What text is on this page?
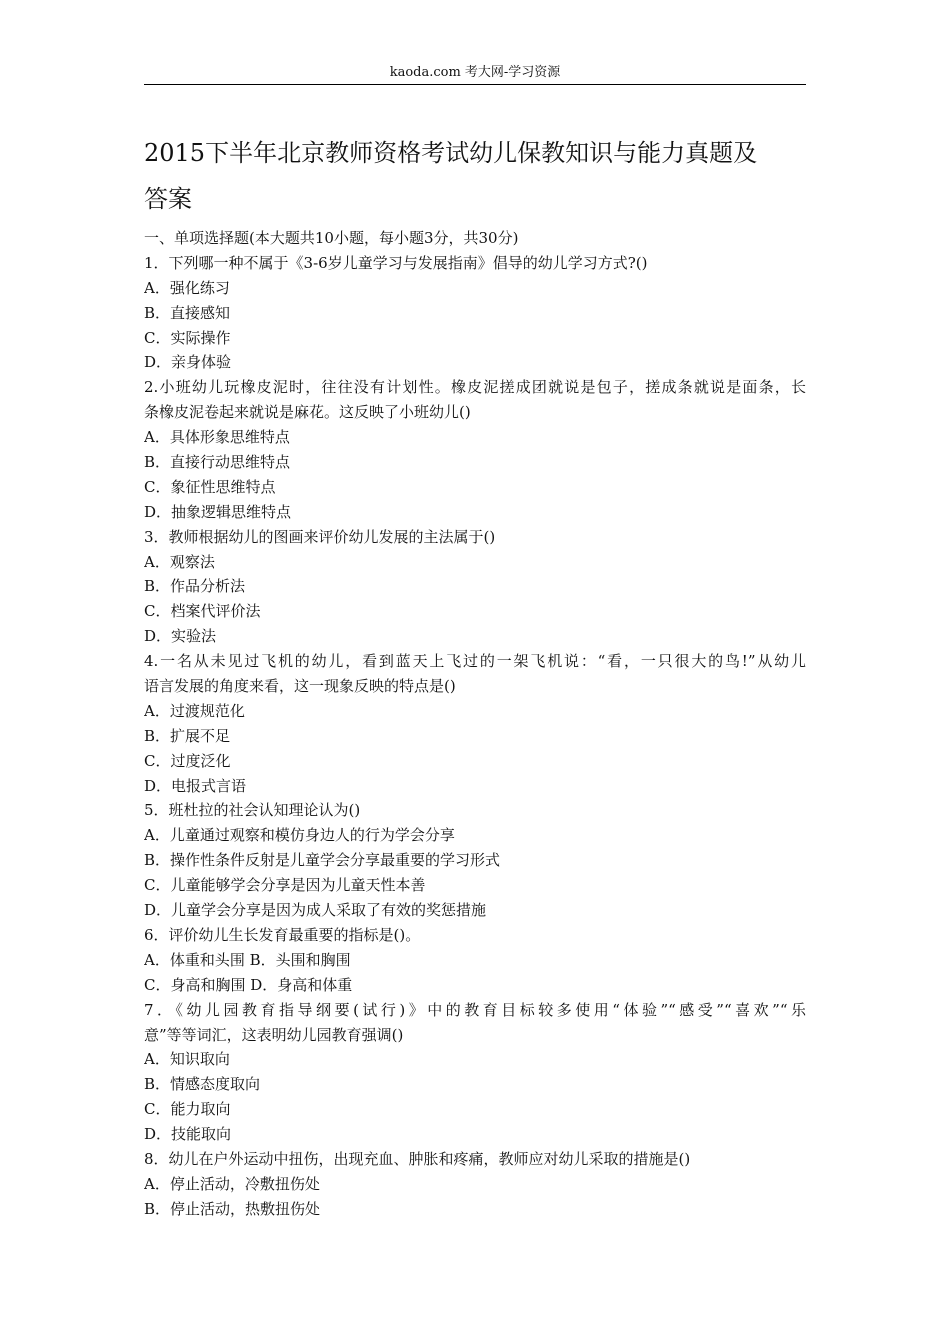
kaoda.com 考大网-学习资源
2015下半年北京教师资格考试幼儿保教知识与能力真题及
答案
一、单项选择题(本大题共10小题，每小题3分，共30分)
1．下列哪一种不属于《3-6岁儿童学习与发展指南》倡导的幼儿学习方式?()
A．强化练习
B．直接感知
C．实际操作
D．亲身体验
2.小班幼儿玩橡皮泥时，往往没有计划性。橡皮泥搓成团就说是包子，搓成条就说是面条，长
条橡皮泥卷起来就说是麻花。这反映了小班幼儿()
A．具体形象思维特点
B．直接行动思维特点
C．象征性思维特点
D．抽象逻辑思维特点
3．教师根据幼儿的图画来评价幼儿发展的主法属于()
A．观察法
B．作品分析法
C．档案代评价法
D．实验法
4.一名从未见过飞机的幼儿，看到蓝天上飞过的一架飞机说：“看，一只很大的鸟!”从幼儿
语言发展的角度来看，这一现象反映的特点是()
A．过渡规范化
B．扩展不足
C．过度泛化
D．电报式言语
5．班杜拉的社会认知理论认为()
A．儿童通过观察和模仿身边人的行为学会分享
B．操作性条件反射是儿童学会分享最重要的学习形式
C．儿童能够学会分享是因为儿童天性本善
D．儿童学会分享是因为成人采取了有效的奖惩措施
6．评价幼儿生长发育最重要的指标是()。
A．体重和头围 B．头围和胸围
C．身高和胸围 D．身高和体重
7．《幼儿园教育指导纲要(试行)》中的教育目标较多使用“体验”“感受”“喜欢”“乐
意”等等词汇，这表明幼儿园教育强调()
A．知识取向
B．情感态度取向
C．能力取向
D．技能取向
8．幼儿在户外运动中扭伤，出现充血、肿胀和疼痛，教师应对幼儿采取的措施是()
A．停止活动，冷敷扭伤处
B．停止活动，热敷扭伤处
